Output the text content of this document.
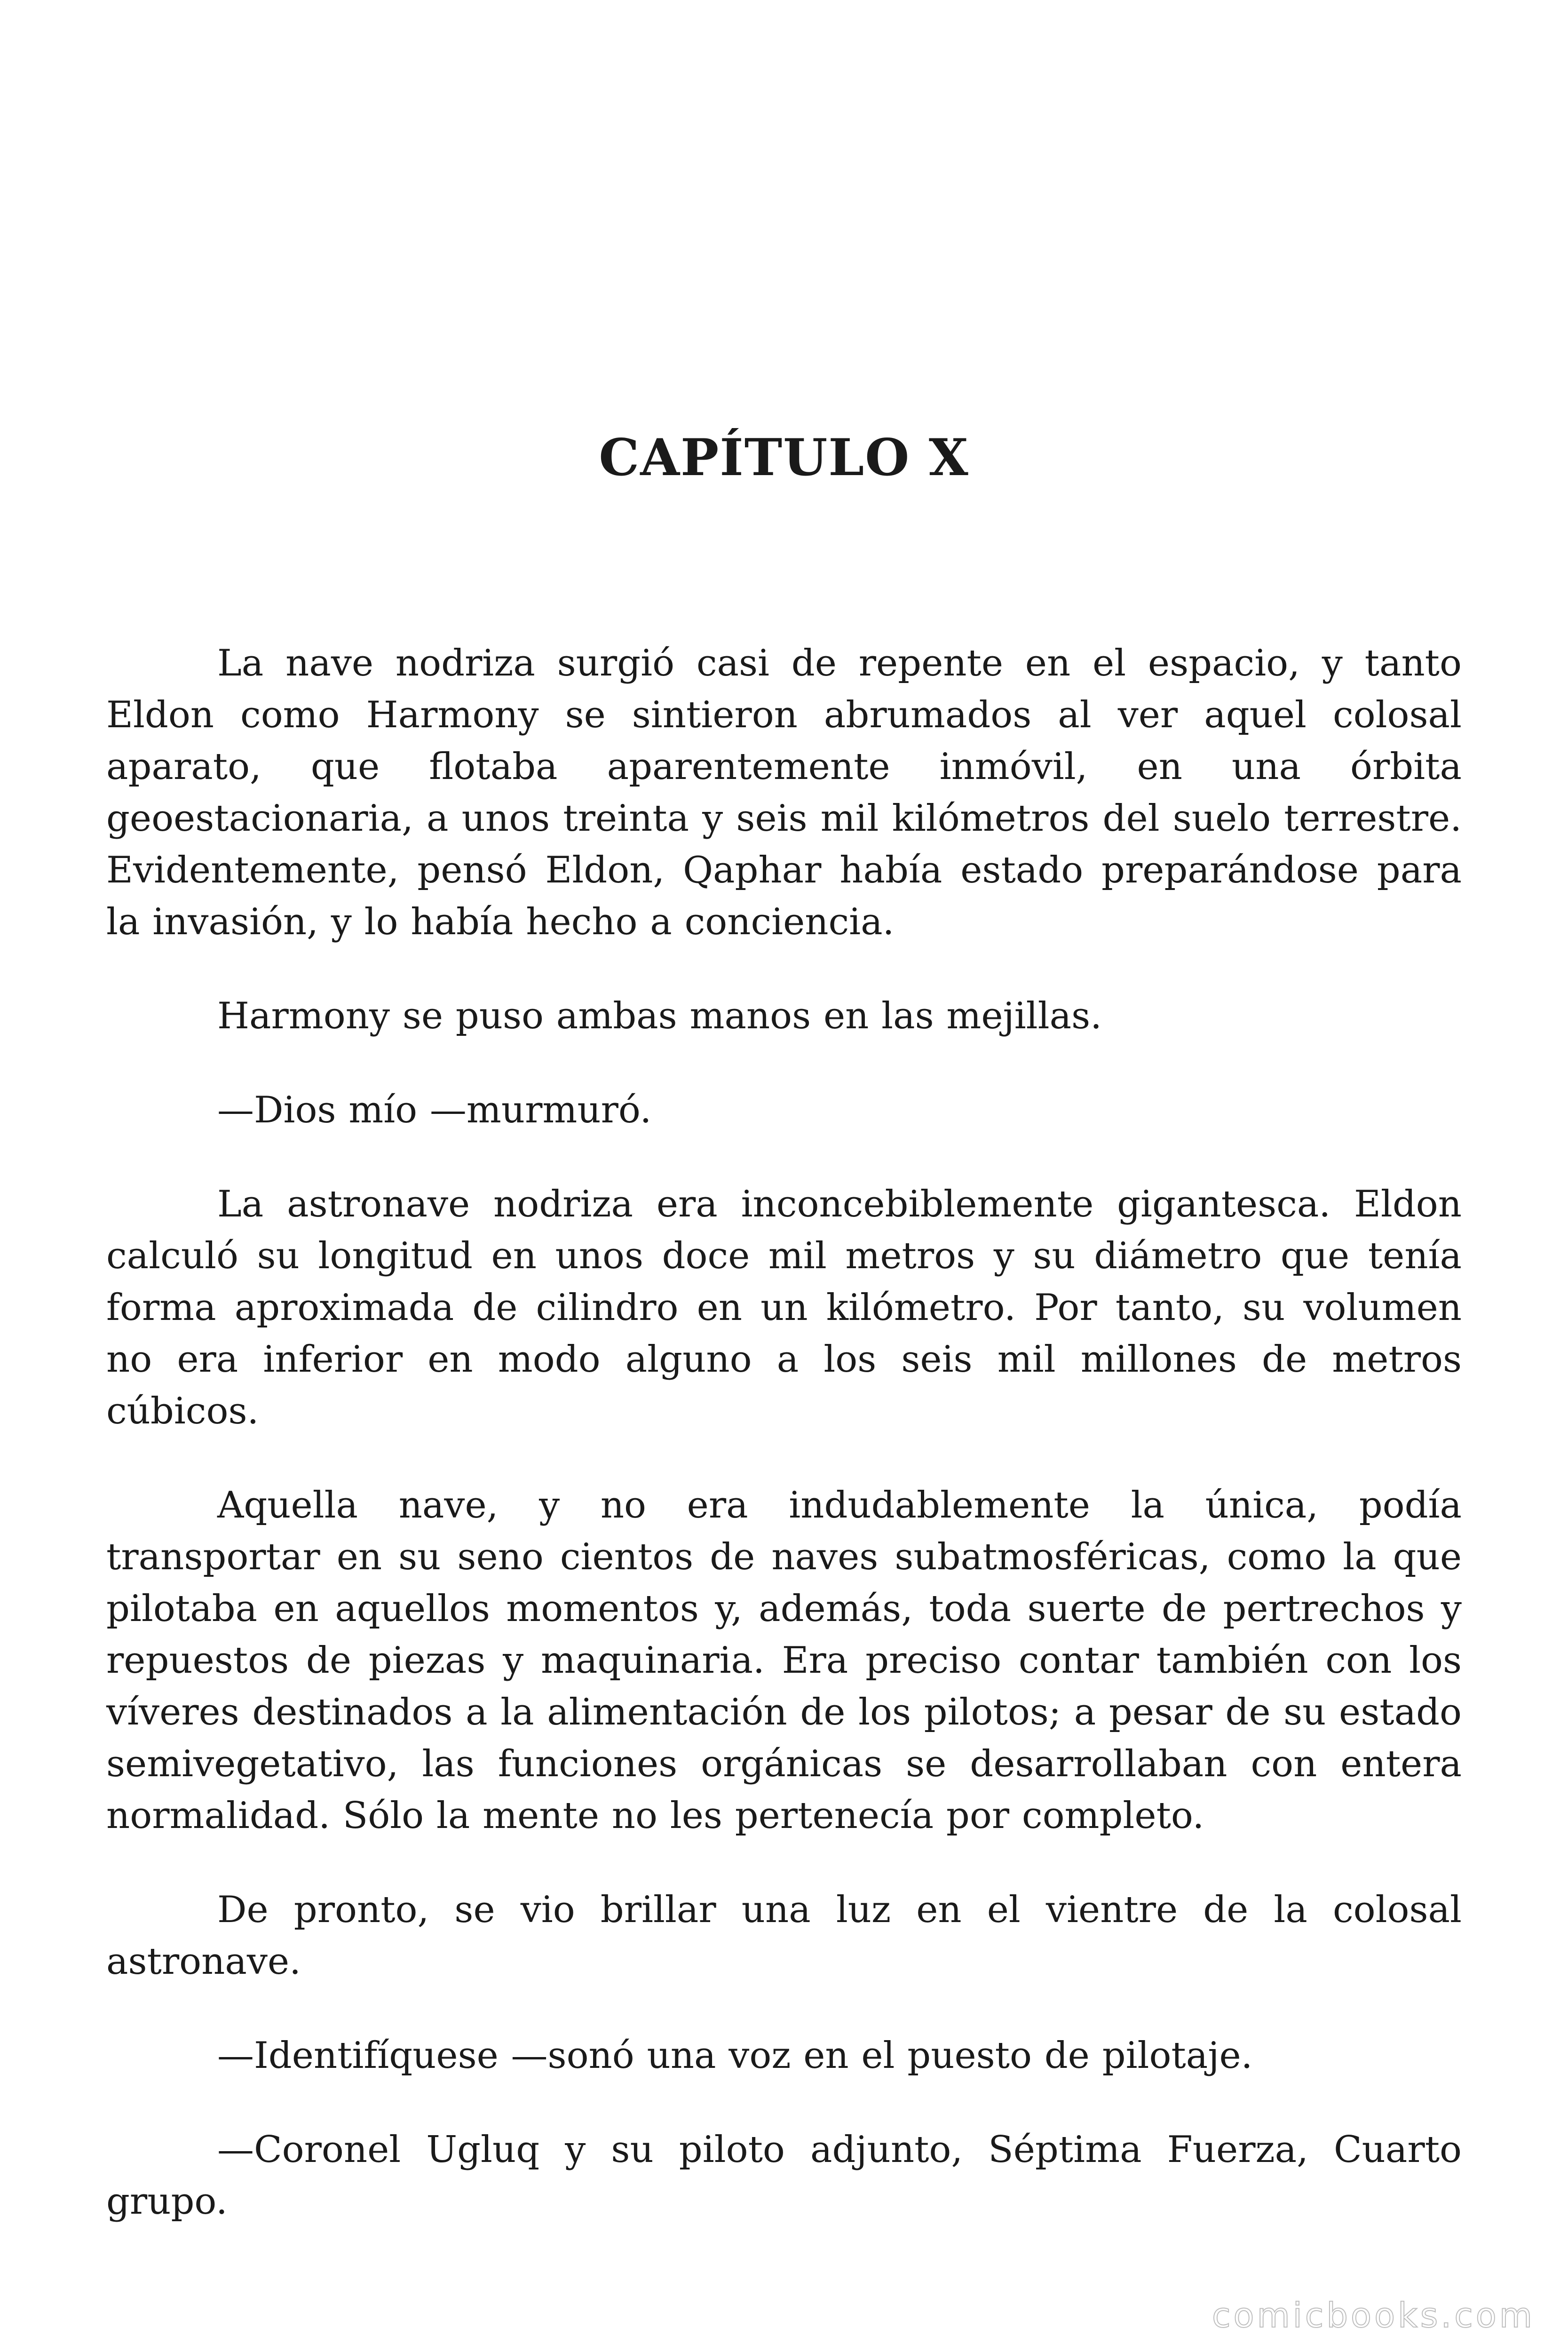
CAPÍTULO X

La nave nodriza surgió casi de repente en el espacio, y tanto Eldon como Harmony se sintieron abrumados al ver aquel colosal aparato, que flotaba aparentemente inmóvil, en una órbita geoestacionaria, a unos treinta y seis mil kilómetros del suelo terrestre. Evidentemente, pensó Eldon, Qaphar había estado preparándose para la invasión, y lo había hecho a conciencia.

Harmony se puso ambas manos en las mejillas.

—Dios mío —murmuró.

La astronave nodriza era inconcebiblemente gigantesca. Eldon calculó su longitud en unos doce mil metros y su diámetro que tenía forma aproximada de cilindro en un kilómetro. Por tanto, su volumen no era inferior en modo alguno a los seis mil millones de metros cúbicos.

Aquella nave, y no era indudablemente la única, podía transportar en su seno cientos de naves subatmosféricas, como la que pilotaba en aquellos momentos y, además, toda suerte de pertrechos y repuestos de piezas y maquinaria. Era preciso contar también con los víveres destinados a la alimentación de los pilotos; a pesar de su estado semivegetativo, las funciones orgánicas se desarrollaban con entera normalidad. Sólo la mente no les pertenecía por completo.

De pronto, se vio brillar una luz en el vientre de la colosal astronave.

—Identifíquese —sonó una voz en el puesto de pilotaje.

—Coronel Ugluq y su piloto adjunto, Séptima Fuerza, Cuarto grupo.

comicbooks.com
